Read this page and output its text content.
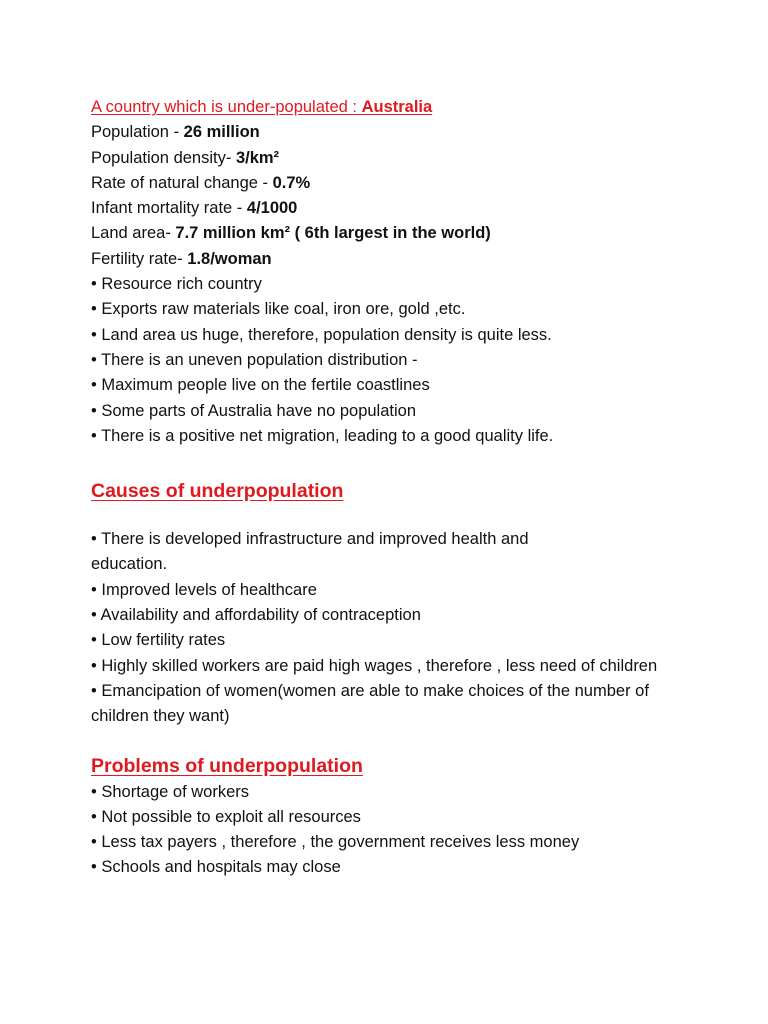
A country which is under-populated : Australia
Population - 26 million
Population density- 3/km²
Rate of natural change - 0.7%
Infant mortality rate - 4/1000
Land area- 7.7 million km² ( 6th largest in the world)
Fertility rate- 1.8/woman
• Resource rich country
• Exports raw materials like coal, iron ore, gold ,etc.
• Land area us huge, therefore, population density is quite less.
• There is an uneven population distribution -
• Maximum people live on the fertile coastlines
• Some parts of Australia have no population
• There is a positive net migration, leading to a good quality life.
Causes of underpopulation
• There is developed infrastructure and improved health and education.
• Improved levels of healthcare
• Availability and affordability of contraception
• Low fertility rates
• Highly skilled workers are paid high wages , therefore , less need of children
• Emancipation of women(women are able to make choices of the number of children they want)
Problems of underpopulation
• Shortage of workers
• Not possible to exploit all resources
• Less tax payers , therefore , the government receives less money
• Schools and hospitals may close
